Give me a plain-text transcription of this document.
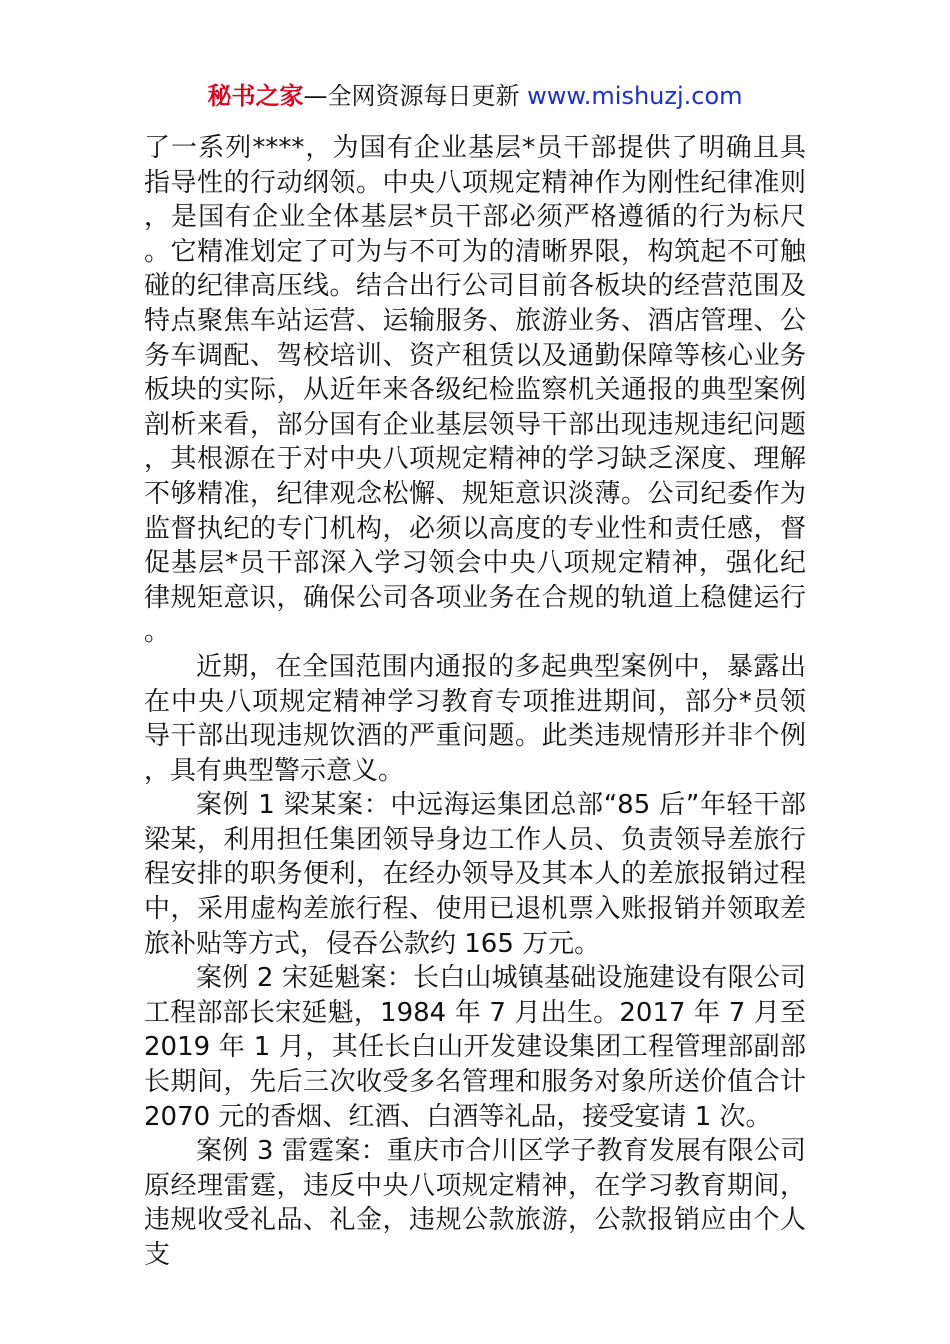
秘书之家—全网资源每日更新 www.mishuzj.com

了一系列****，为国有企业基层*员干部提供了明确且具指导性的行动纲领。中央八项规定精神作为刚性纪律准则，是国有企业全体基层*员干部必须严格遵循的行为标尺。它精准划定了可为与不可为的清晰界限，构筑起不可触碰的纪律高压线。结合出行公司目前各板块的经营范围及特点聚焦车站运营、运输服务、旅游业务、酒店管理、公务车调配、驾校培训、资产租赁以及通勤保障等核心业务板块的实际，从近年来各级纪检监察机关通报的典型案例剖析来看，部分国有企业基层领导干部出现违规违纪问题，其根源在于对中央八项规定精神的学习缺乏深度、理解不够精准，纪律观念松懈、规矩意识淡薄。公司纪委作为监督执纪的专门机构，必须以高度的专业性和责任感，督促基层*员干部深入学习领会中央八项规定精神，强化纪律规矩意识，确保公司各项业务在合规的轨道上稳健运行。

近期，在全国范围内通报的多起典型案例中，暴露出在中央八项规定精神学习教育专项推进期间，部分*员领导干部出现违规饮酒的严重问题。此类违规情形并非个例，具有典型警示意义。

案例 1 梁某案：中远海运集团总部“85 后”年轻干部梁某，利用担任集团领导身边工作人员、负责领导差旅行程安排的职务便利，在经办领导及其本人的差旅报销过程中，采用虚构差旅行程、使用已退机票入账报销并领取差旅补贴等方式，侵吞公款约 165 万元。

案例 2 宋延魁案：长白山城镇基础设施建设有限公司工程部部长宋延魁，1984 年 7 月出生。2017 年 7 月至 2019 年 1 月，其任长白山开发建设集团工程管理部副部长期间，先后三次收受多名管理和服务对象所送价值合计 2070 元的香烟、红酒、白酒等礼品，接受宴请 1 次。

案例 3 雷霆案：重庆市合川区学子教育发展有限公司原经理雷霆，违反中央八项规定精神，在学习教育期间，违规收受礼品、礼金，违规公款旅游，公款报销应由个人支
